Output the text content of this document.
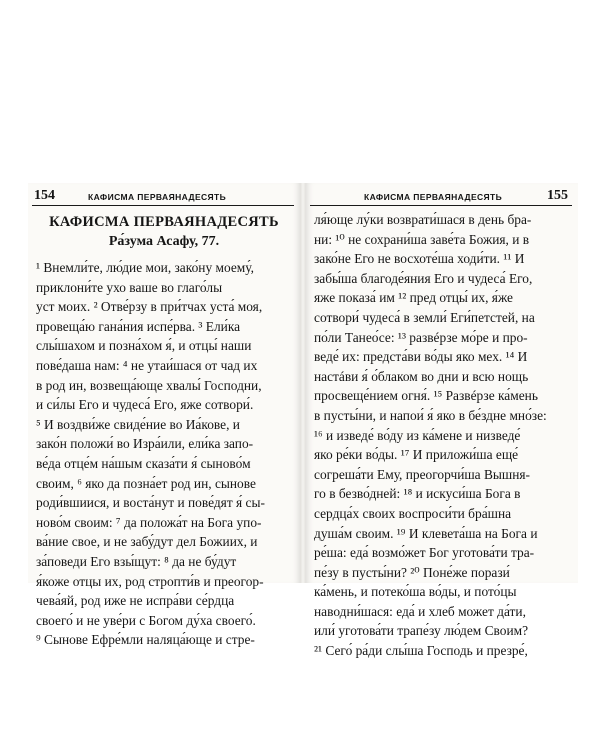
154	КАФИСМА ПЕРВАЯНАДЕСЯТЬ
КАФИСМА ПЕРВАЯНАДЕСЯТЬ
Ра́зума Асафу, 77.
¹ Внемли́те, лю́дие мои, зако́ну моему́,
приклони́те ухо ваше во глаго́лы
уст моих. ² Отве́рзу в при́тчах уста́ моя,
провеща́ю гана́ния испе́рва. ³ Ели́ка
слы́шахом и позна́хом я́, и отцы́ наши
пове́даша нам: ⁴ не утаи́шася от чад их
в род ин, возвеща́юще хвалы́ Господни,
и си́лы Его и чудеса́ Его, яже сотвори́.
⁵ И воздви́же свиде́ние во Иа́кове, и
зако́н положи́ во Изра́или, ели́ка запо-
ве́да отце́м на́шым сказа́ти я́ сыново́м
своим, ⁶ яко да позна́ет род ин, сынове
роди́вшиися, и воста́нут и пове́дят я́ сы-
ново́м своим: ⁷ да положа́т на Бога упо-
ва́ние свое, и не забу́дут дел Божиих, и
за́поведи Его взы́щут: ⁸ да не бу́дут
я́коже отцы их, род стропти́в и преогор-
чева́яй, род иже не испра́ви се́рдца
своего́ и не уве́ри с Богом ду́ха своего́.
⁹ Сынове Ефре́мли наляца́юще и стре-
КАФИСМА ПЕРВАЯНАДЕСЯТЬ	155
ля́юще лу́ки возврати́шася в день бра-
ни: ¹⁰ не сохрани́ша заве́та Божия, и в
зако́не Его не восхоте́ша ходи́ти. ¹¹ И
забы́ша благоде́яния Его и чудеса́ Его,
яже показа́ им ¹² пред отцы́ их, я́же
сотвори́ чудеса́ в земли́ Еги́петстей, на
по́ли Танео́се: ¹³ развéрзе мо́ре и про-
веде́ их: предста́ви во́ды яко мех. ¹⁴ И
настáви я́ о́блаком во дни и всю нощь
просвеще́нием огня́. ¹⁵ Развéрзе ка́мень
в пусты́ни, и напои́ я́ яко в бе́здне мно́зе:
¹⁶ и изведе́ во́ду из ка́мене и низведе́
яко ре́ки во́ды. ¹⁷ И приложи́ша еще́
согреша́ти Ему, преогорчи́ша Вышня-
го в безво́дней: ¹⁸ и искуси́ша Бога в
сердца́х своих воспроси́ти бра́шна
душа́м своим. ¹⁹ И клевета́ша на Бога и
ре́ша: еда́ возмо́жет Бог уготова́ти тра-
пе́зу в пусты́ни? ²⁰ Поне́же порази́
ка́мень, и потеко́ша во́ды, и пото́цы
наводни́шася: еда́ и хлеб может да́ти,
или́ уготова́ти трапе́зу лю́дем Своим?
²¹ Сего́ ра́ди слы́ша Господь и презре́,
